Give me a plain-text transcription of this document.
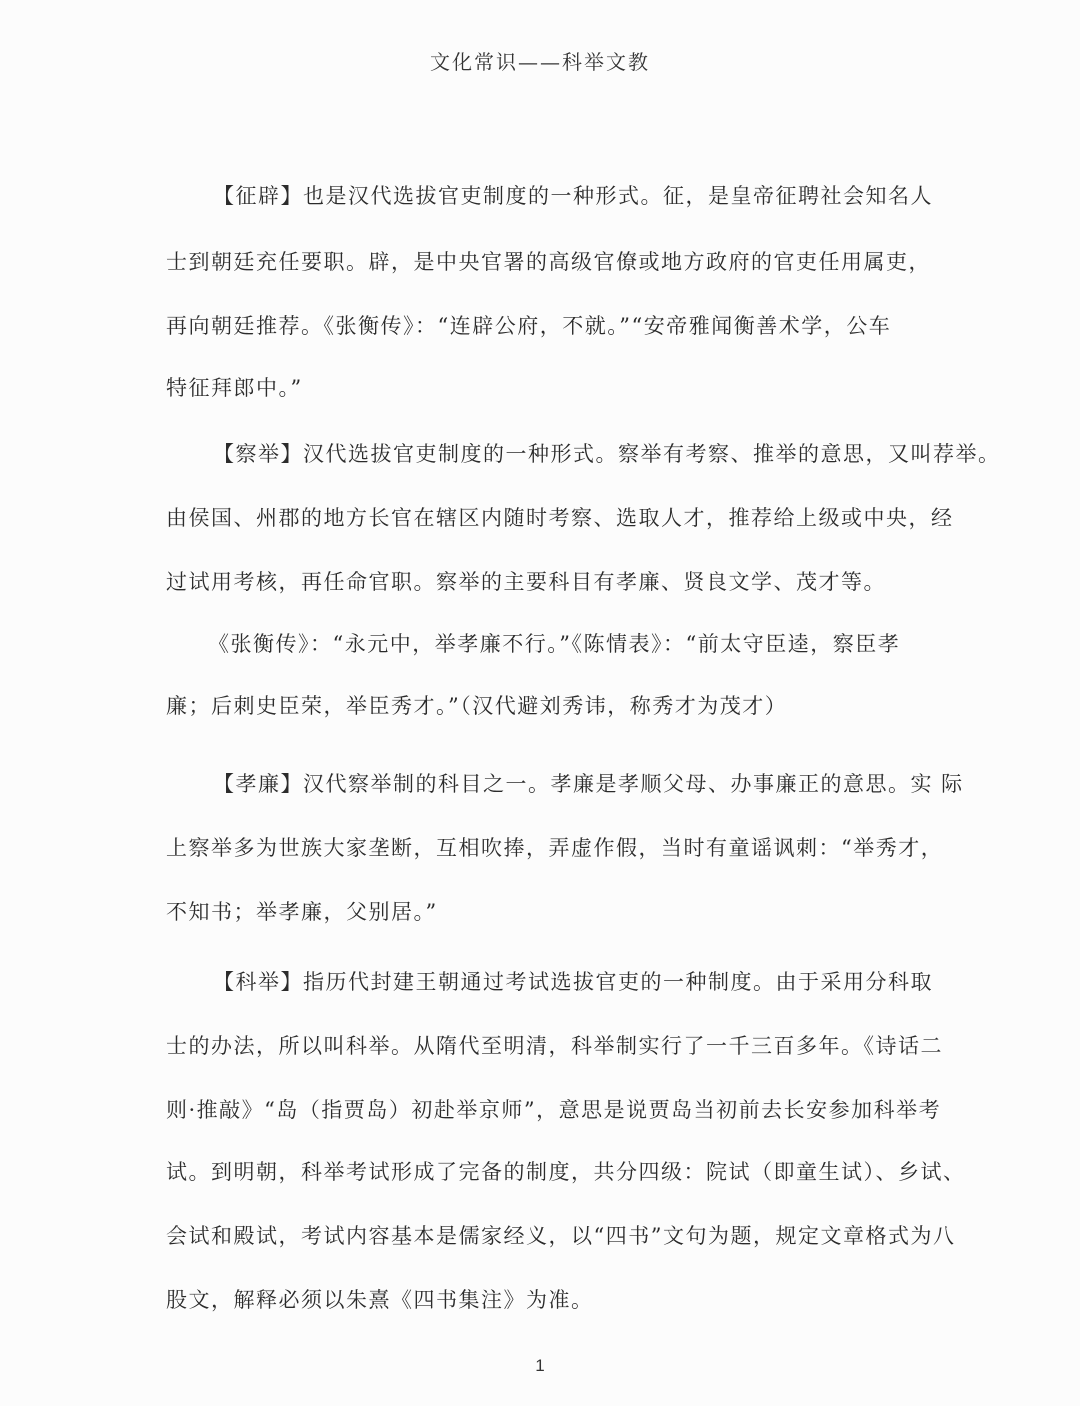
文化常识——科举文教
【征辟】也是汉代选拔官吏制度的一种形式。征，是皇帝征聘社会知名人
士到朝廷充任要职。辟，是中央官署的高级官僚或地方政府的官吏任用属吏，
再向朝廷推荐。《张衡传》：“连辟公府，不就。”“安帝雅闻衡善术学，公车
特征拜郎中。”
【察举】汉代选拔官吏制度的一种形式。察举有考察、推举的意思，又叫荐举。
由侯国、州郡的地方长官在辖区内随时考察、选取人才，推荐给上级或中央，经
过试用考核，再任命官职。察举的主要科目有孝廉、贤良文学、茂才等。
《张衡传》：“永元中，举孝廉不行。”《陈情表》：“前太守臣逵，察臣孝
廉；后刺史臣荣，举臣秀才。”（汉代避刘秀讳，称秀才为茂才）
【孝廉】汉代察举制的科目之一。孝廉是孝顺父母、办事廉正的意思。实 际
上察举多为世族大家垄断，互相吹捧，弄虚作假，当时有童谣讽刺：“举秀才，
不知书；举孝廉，父别居。”
【科举】指历代封建王朝通过考试选拔官吏的一种制度。由于采用分科取
士的办法，所以叫科举。从隋代至明清，科举制实行了一千三百多年。《诗话二
则·推敲》“岛（指贾岛）初赴举京师”，意思是说贾岛当初前去长安参加科举考
试。到明朝，科举考试形成了完备的制度，共分四级：院试（即童生试）、乡试、
会试和殿试，考试内容基本是儒家经义，以“四书”文句为题，规定文章格式为八
股文，解释必须以朱熹《四书集注》为准。
1
